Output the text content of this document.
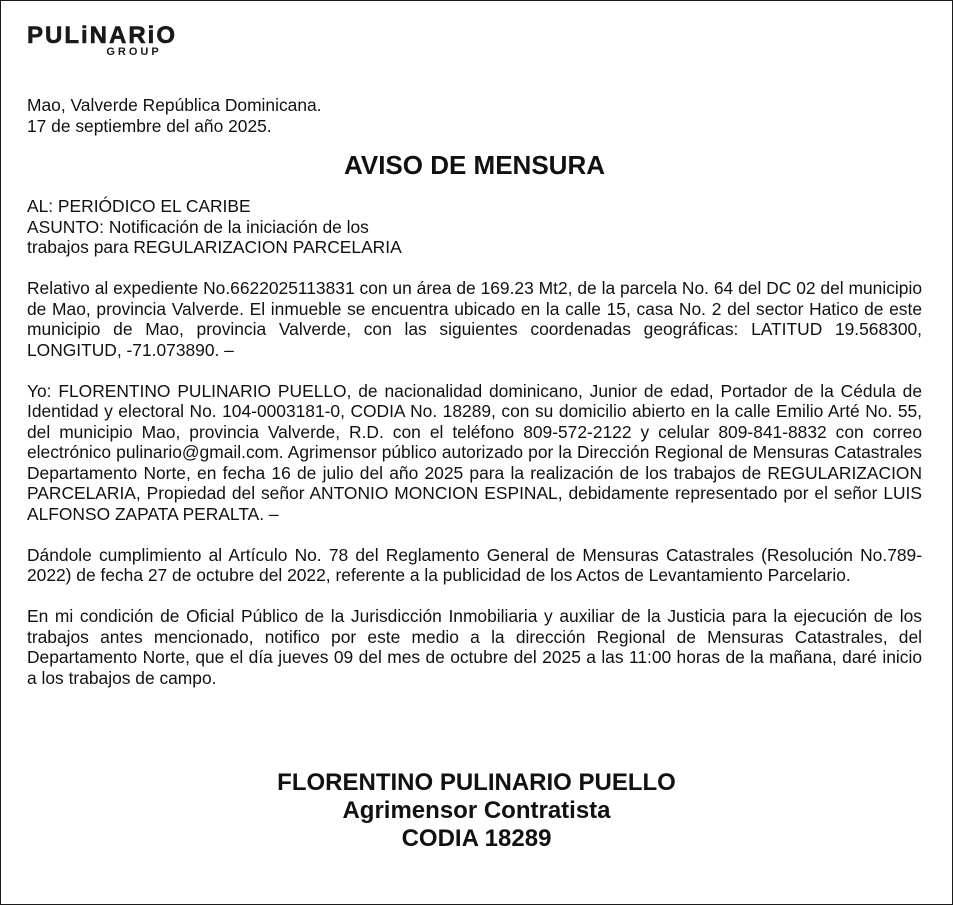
PULiNARiO
GROUP

Mao, Valverde República Dominicana.

17 de septiembre del año 2025.

AVISO DE MENSURA

AL: PERIÓDICO EL CARIBE

ASUNTO: Notificación de la iniciación de los

trabajos para REGULARIZACION PARCELARIA

Relativo al expediente No.6622025113831 con un área de 169.23 Mt2, de la parcela No. 64 del DC 02 del municipio de Mao, provincia Valverde. El inmueble se encuentra ubicado en la calle 15, casa No. 2 del sector Hatico de este municipio de Mao, provincia Valverde, con las siguientes coordenadas geográficas: LATITUD 19.568300, LONGITUD, -71.073890. –

Yo: FLORENTINO PULINARIO PUELLO, de nacionalidad dominicano, Junior de edad, Portador de la Cédula de Identidad y electoral No. 104-0003181-0, CODIA No. 18289, con su domicilio abierto en la calle Emilio Arté No. 55, del municipio Mao, provincia Valverde, R.D. con el teléfono 809-572-2122 y celular 809-841-8832 con correo electrónico pulinario@gmail.com. Agrimensor público autorizado por la Dirección Regional de Mensuras Catastrales Departamento Norte, en fecha 16 de julio del año 2025 para la realización de los trabajos de REGULARIZACION PARCELARIA, Propiedad del señor ANTONIO MONCION ESPINAL, debidamente representado por el señor LUIS ALFONSO ZAPATA PERALTA. –

Dándole cumplimiento al Artículo No. 78 del Reglamento General de Mensuras Catastrales (Resolución No.789-2022) de fecha 27 de octubre del 2022, referente a la publicidad de los Actos de Levantamiento Parcelario.

En mi condición de Oficial Público de la Jurisdicción Inmobiliaria y auxiliar de la Justicia para la ejecución de los trabajos antes mencionado, notifico por este medio a la dirección Regional de Mensuras Catastrales, del Departamento Norte, que el día jueves 09 del mes de octubre del 2025 a las 11:00 horas de la mañana, daré inicio a los trabajos de campo.

FLORENTINO PULINARIO PUELLO
Agrimensor Contratista
CODIA 18289
